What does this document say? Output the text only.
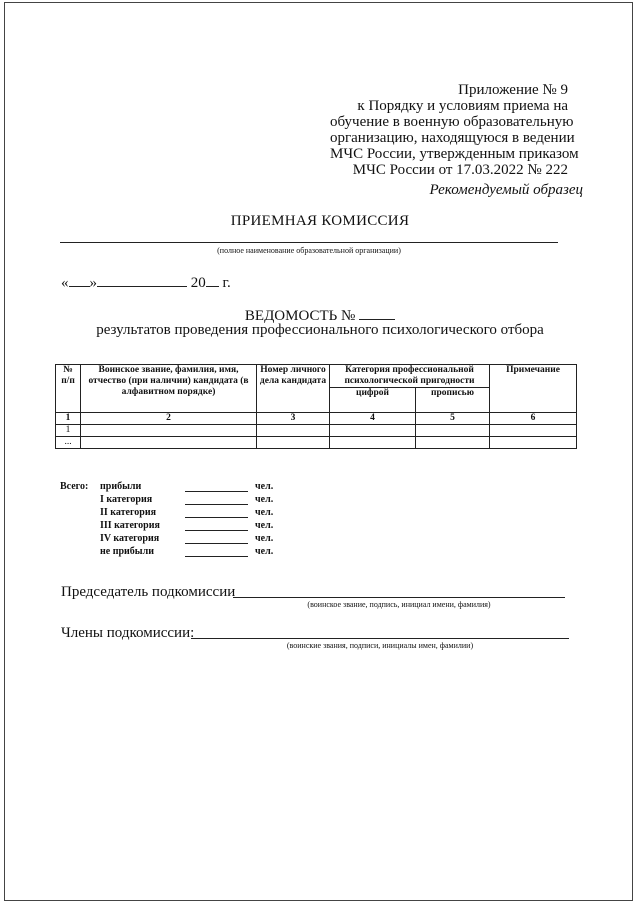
Приложение № 9
к Порядку и условиям приема на
обучение в военную образовательную
организацию, находящуюся в ведении
МЧС России, утвержденным приказом
МЧС России от 17.03.2022 № 222
Рекомендуемый образец
ПРИЕМНАЯ КОМИССИЯ
(полное наименование образовательной организации)
« »	20 г.
ВЕДОМОСТЬ №
результатов проведения профессионального психологического отбора
№ п/п	Воинское звание, фамилия, имя, отчество (при наличии) кандидата (в алфавитном порядке)	Номер личного дела кандидата	Категория профессиональной психологической пригодности		Примечание
			цифрой	прописью	
1	2	3	4	5	6
1					
...					
Всего: прибыли	чел.
I категория	чел.
II категория	чел.
III категория	чел.
IV категория	чел.
не прибыли	чел.
Председатель подкомиссии
(воинское звание, подпись, инициал имени, фамилия)
Члены подкомиссии:
(воинские звания, подписи, инициалы имен, фамилии)
